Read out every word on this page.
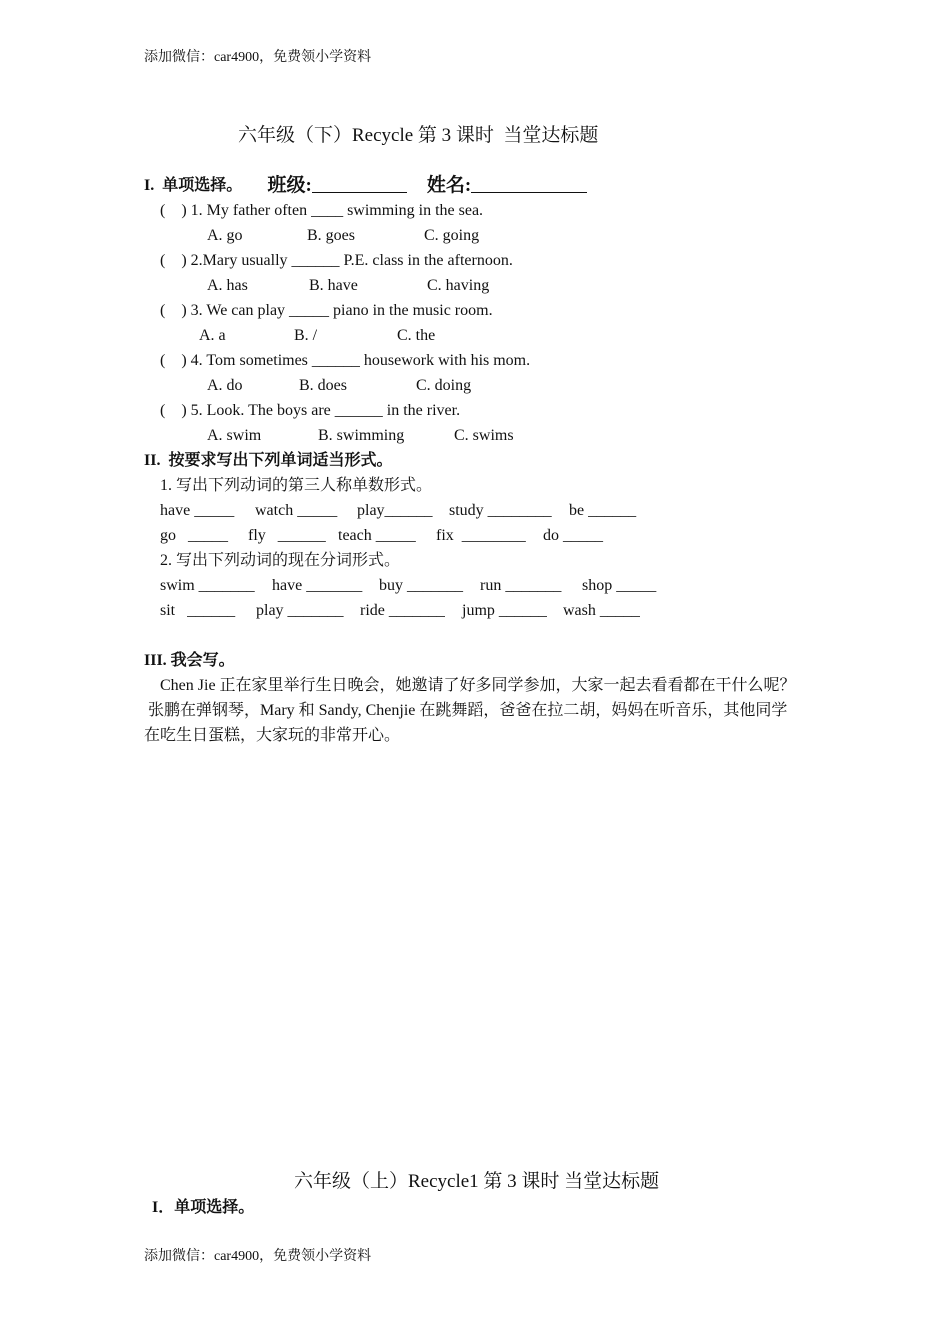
添加微信：car4900，免费领小学资料
六年级（下）Recycle 第 3 课时  当堂达标题

班级:	姓名:

I.  单项选择。
(    ) 1. My father often ____ swimming in the sea.

A. go

	B. goes

	C. going

(    ) 2.Mary usually ______ P.E. class in the afternoon.

A. has

	B. have

	C. having

(    ) 3. We can play _____ piano in the music room.

A. a

	B. /

	C. the

(    ) 4. Tom sometimes ______ housework with his mom.

A. do

	B. does

	C. doing

(    ) 5. Look. The boys are ______ in the river.

A. swim

	B. swimming

	C. swims

II.  按要求写出下列单词适当形式。
1. 写出下列动词的第三人称单数形式。

have _____

watch _____

play______

study ________

be ______

go   _____

fly   ______

teach _____

fix  ________

do _____

2. 写出下列动词的现在分词形式。

swim _______

have _______

buy _______

run _______

shop _____

sit   ______

play _______

ride _______

jump ______

wash _____

III. 我会写。
Chen Jie 正在家里举行生日晚会，她邀请了好多同学参加，大家一起去看看都在干什么呢？
张鹏在弹钢琴，Mary 和 Sandy, Chenjie 在跳舞蹈，爸爸在拉二胡，妈妈在听音乐，其他同学
在吃生日蛋糕，大家玩的非常开心。
六年级（上）Recycle1 第 3 课时 当堂达标题
I．单项选择。
添加微信：car4900，免费领小学资料
